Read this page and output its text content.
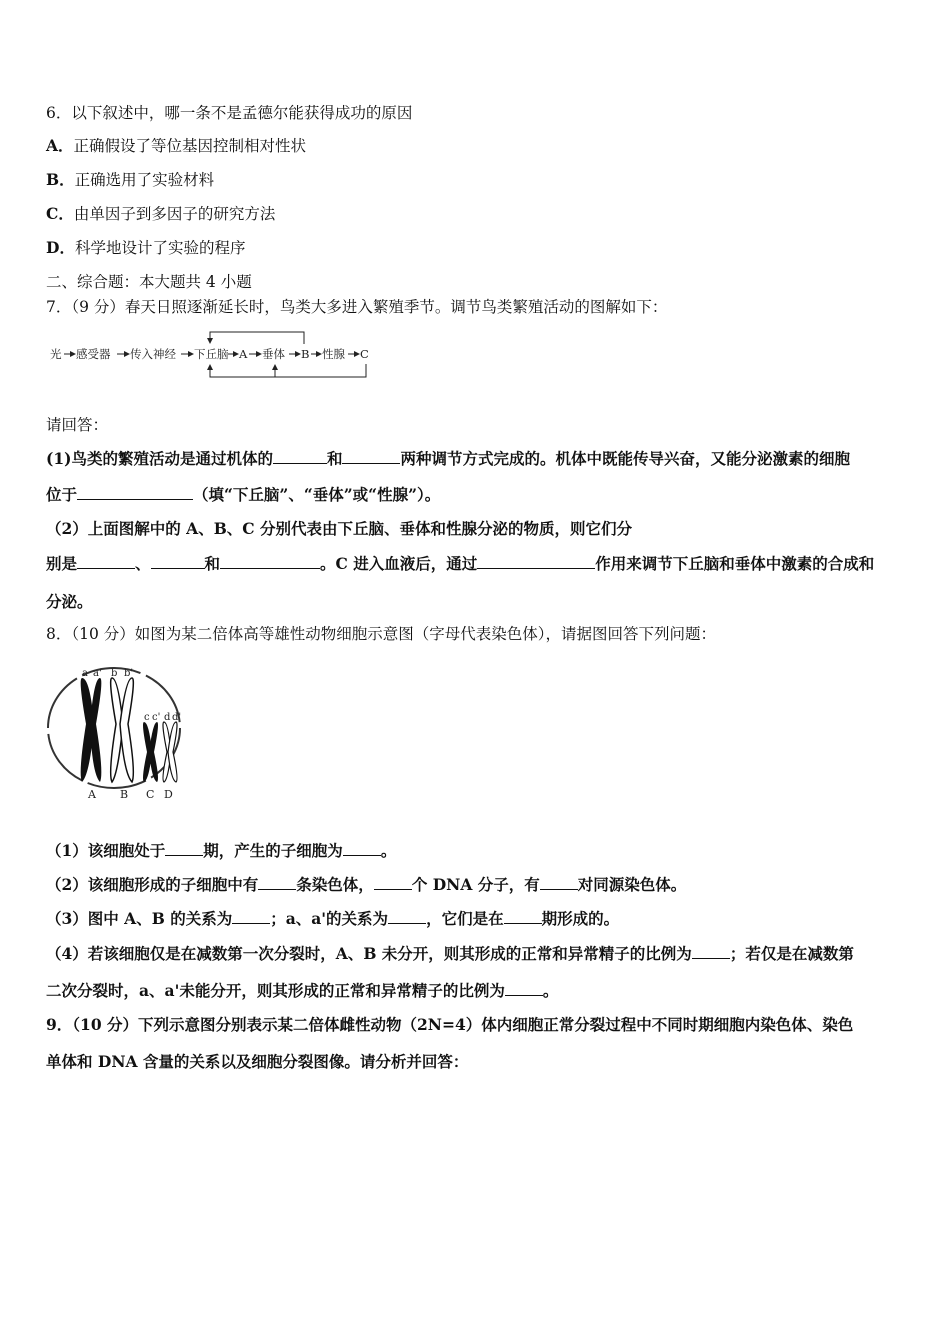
6．以下叙述中，哪一条不是孟德尔能获得成功的原因
A．正确假设了等位基因控制相对性状
B．正确选用了实验材料
C．由单因子到多因子的研究方法
D．科学地设计了实验的程序
二、综合题：本大题共 4 小题
7．（9 分）春天日照逐渐延长时，鸟类大多进入繁殖季节。调节鸟类繁殖活动的图解如下：
光 感受器 传入神经 下丘脑 A 垂体 B 性腺 C
请回答：
(1)鸟类的繁殖活动是通过机体的	和	两种调节方式完成的。机体中既能传导兴奋，又能分泌激素的细胞
位于	（填“下丘脑”、“垂体”或“性腺”）。
（2）上面图解中的 A、B、C 分别代表由下丘脑、垂体和性腺分泌的物质，则它们分
别是	、	和	。C 进入血液后，通过	作用来调节下丘脑和垂体中激素的合成和
分泌。
8．（10 分）如图为某二倍体高等雄性动物细胞示意图（字母代表染色体），请据图回答下列问题：
a a' b b'
c c' d d'
A B C D
（1）该细胞处于 期，产生的子细胞为 。
（2）该细胞形成的子细胞中有 条染色体， 个 DNA 分子，有 对同源染色体。
（3）图中 A、B 的关系为 ；a、a'的关系为 ，它们是在 期形成的。
（4）若该细胞仅是在减数第一次分裂时，A、B 未分开，则其形成的正常和异常精子的比例为 ；若仅是在减数第
二次分裂时，a、a'未能分开，则其形成的正常和异常精子的比例为 。
9．（10 分）下列示意图分别表示某二倍体雌性动物（2N=4）体内细胞正常分裂过程中不同时期细胞内染色体、染色
单体和 DNA 含量的关系以及细胞分裂图像。请分析并回答：
